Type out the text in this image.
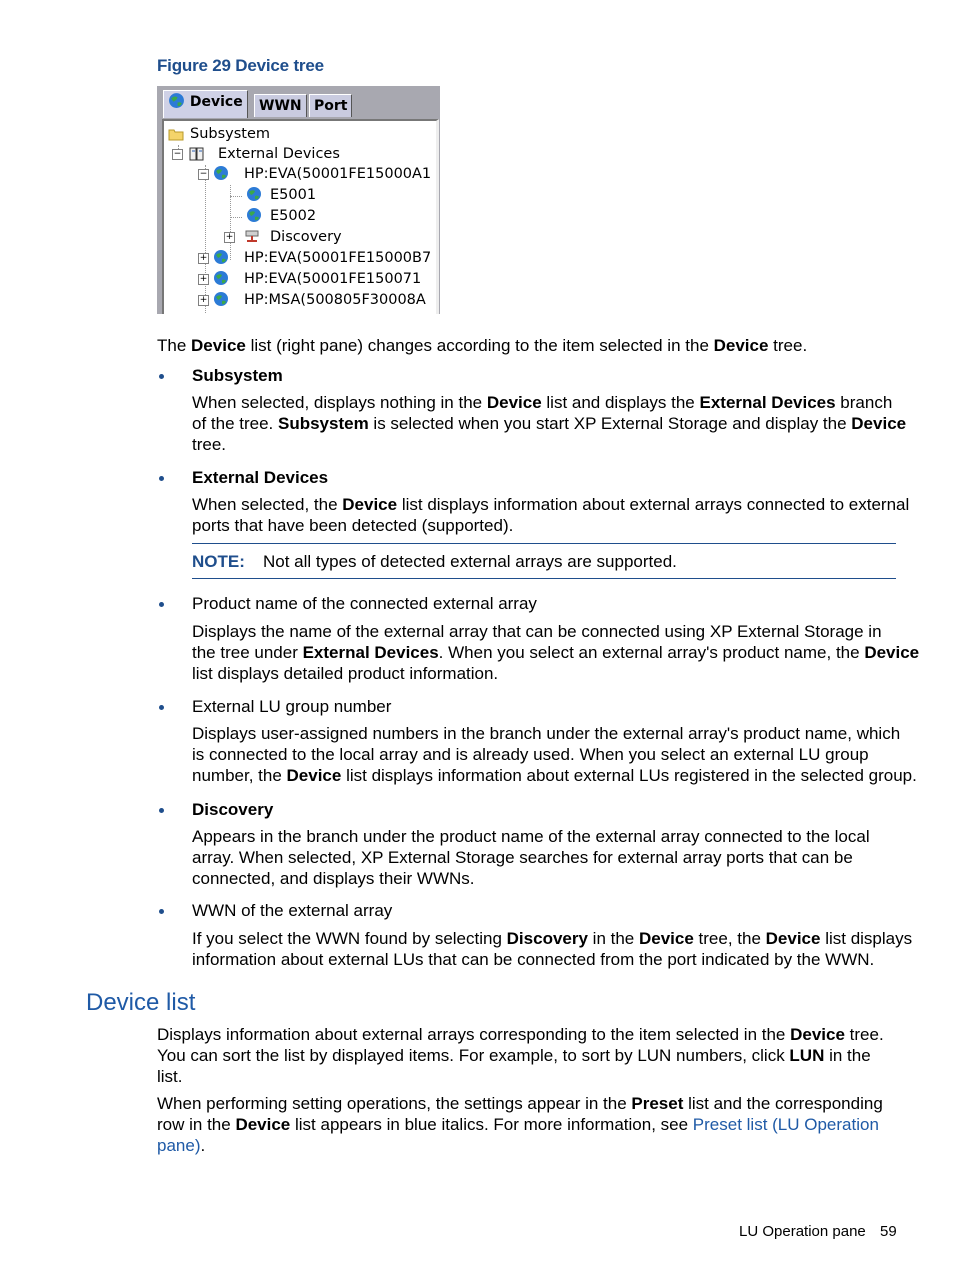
Figure 29 Device tree
Device	WWN Port
Subsystem
−	External Devices
−	HP:EVA(50001FE15000A1
E5001
E5002
+	Discovery
+	HP:EVA(50001FE15000B7
+	HP:EVA(50001FE150071
+	HP:MSA(500805F30008A
The Device list (right pane) changes according to the item selected in the Device tree.
Subsystem
When selected, displays nothing in the Device list and displays the External Devices branch
of the tree. Subsystem is selected when you start XP External Storage and display the Device
tree.
External Devices
When selected, the Device list displays information about external arrays connected to external
ports that have been detected (supported).
NOTE: Not all types of detected external arrays are supported.
Product name of the connected external array
Displays the name of the external array that can be connected using XP External Storage in
the tree under External Devices. When you select an external array's product name, the Device
list displays detailed product information.
External LU group number
Displays user-assigned numbers in the branch under the external array's product name, which
is connected to the local array and is already used. When you select an external LU group
number, the Device list displays information about external LUs registered in the selected group.
Discovery
Appears in the branch under the product name of the external array connected to the local
array. When selected, XP External Storage searches for external array ports that can be
connected, and displays their WWNs.
WWN of the external array
If you select the WWN found by selecting Discovery in the Device tree, the Device list displays
information about external LUs that can be connected from the port indicated by the WWN.
Device list
Displays information about external arrays corresponding to the item selected in the Device tree.
You can sort the list by displayed items. For example, to sort by LUN numbers, click LUN in the
list.
When performing setting operations, the settings appear in the Preset list and the corresponding
row in the Device list appears in blue italics. For more information, see Preset list (LU Operation
pane).
LU Operation pane 59
